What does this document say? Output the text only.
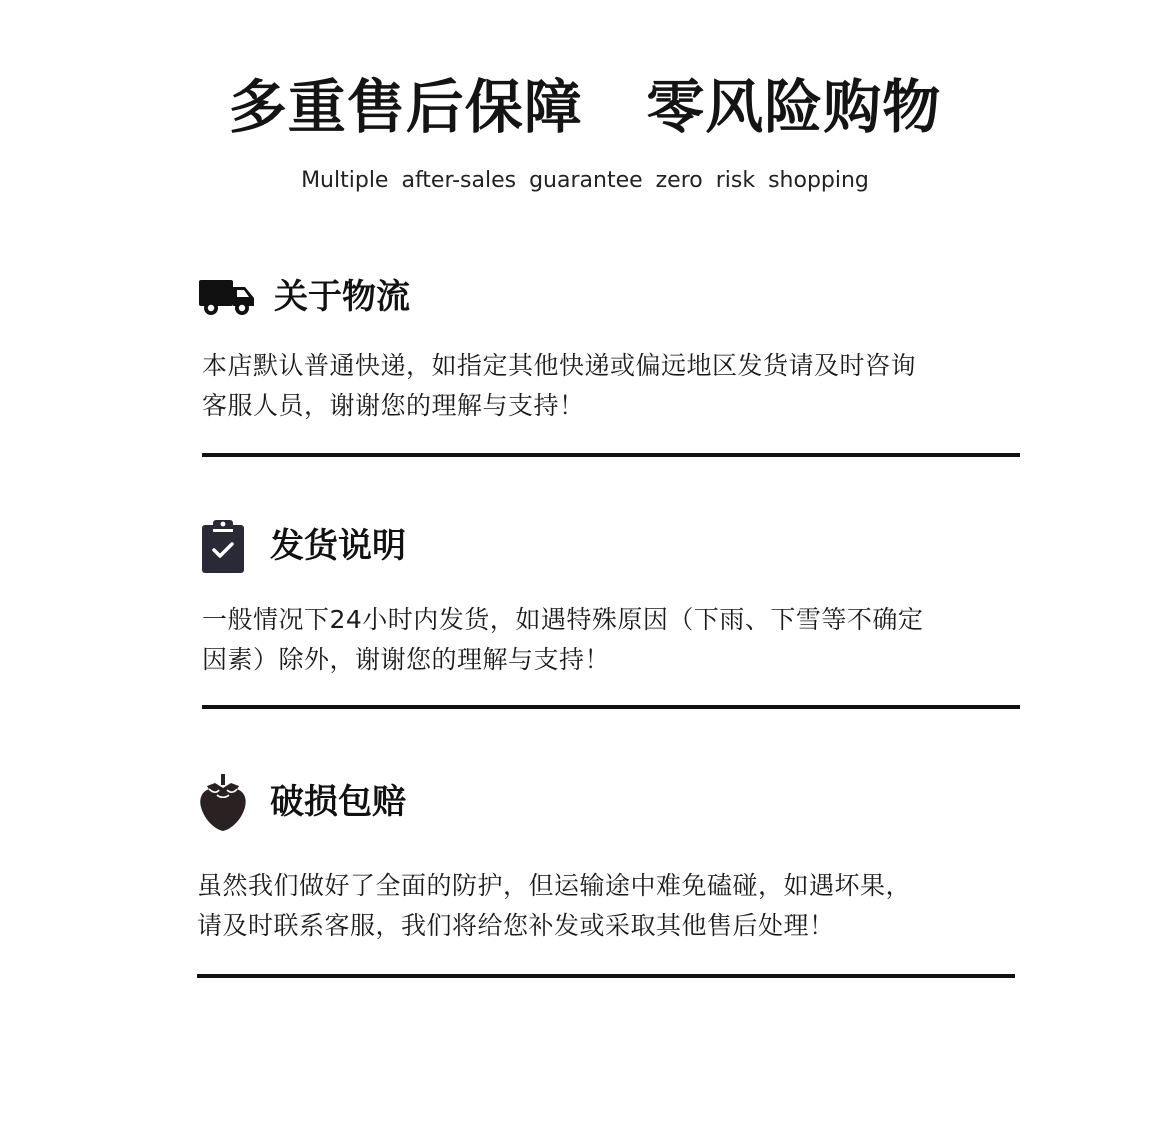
多重售后保障   零风险购物
Multiple after-sales guarantee zero risk shopping
关于物流
本店默认普通快递，如指定其他快递或偏远地区发货请及时咨询
客服人员，谢谢您的理解与支持！
发货说明
一般情况下24小时内发货，如遇特殊原因（下雨、下雪等不确定
因素）除外，谢谢您的理解与支持！
破损包赔
虽然我们做好了全面的防护，但运输途中难免磕碰，如遇坏果，
请及时联系客服，我们将给您补发或采取其他售后处理！
